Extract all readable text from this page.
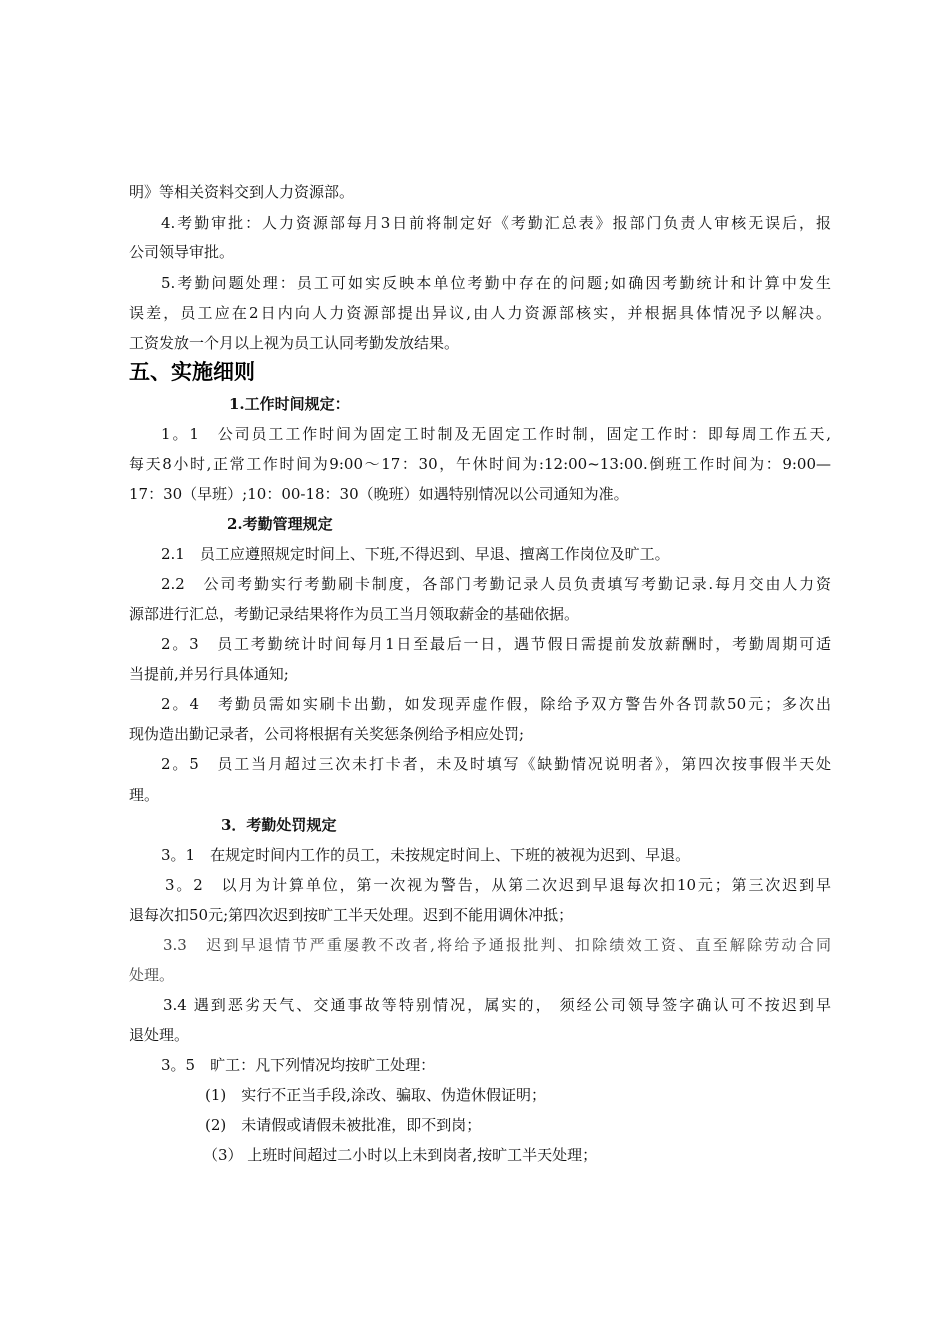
明》等相关资料交到人力资源部。
4.考勤审批：人力资源部每月3日前将制定好《考勤汇总表》报部门负责人审核无误后，报
公司领导审批。
5.考勤问题处理：员工可如实反映本单位考勤中存在的问题;如确因考勤统计和计算中发生
误差，员工应在2日内向人力资源部提出异议,由人力资源部核实，并根据具体情况予以解决。
工资发放一个月以上视为员工认同考勤发放结果。
五、实施细则
1.工作时间规定：
1。1　公司员工工作时间为固定工时制及无固定工作时制，固定工作时：即每周工作五天,
每天8小时,正常工作时间为9:00～17：30，午休时间为:12:00~13:00.倒班工作时间为：9:00—
17：30（早班）;10：00-18：30（晚班）如遇特别情况以公司通知为准。
2.考勤管理规定
2.1　员工应遵照规定时间上、下班,不得迟到、早退、擅离工作岗位及旷工。
2.2　公司考勤实行考勤刷卡制度，各部门考勤记录人员负责填写考勤记录.每月交由人力资
源部进行汇总，考勤记录结果将作为员工当月领取薪金的基础依据。
2。3　员工考勤统计时间每月1日至最后一日，遇节假日需提前发放薪酬时，考勤周期可适
当提前,并另行具体通知;
2。4　考勤员需如实刷卡出勤，如发现弄虚作假，除给予双方警告外各罚款50元；多次出
现伪造出勤记录者，公司将根据有关奖惩条例给予相应处罚;
2。5　员工当月超过三次未打卡者，未及时填写《缺勤情况说明者》，第四次按事假半天处
理。
3．考勤处罚规定
3。1　在规定时间内工作的员工，未按规定时间上、下班的被视为迟到、早退。
3。2　以月为计算单位，第一次视为警告，从第二次迟到早退每次扣10元；第三次迟到早
退每次扣50元;第四次迟到按旷工半天处理。迟到不能用调休冲抵；
3.3　迟到早退情节严重屡教不改者,将给予通报批判、扣除绩效工资、直至解除劳动合同
处理。
3.4 遇到恶劣天气、交通事故等特别情况，属实的， 须经公司领导签字确认可不按迟到早
退处理。
3。5　旷工：凡下列情况均按旷工处理：
(1)　实行不正当手段,涂改、骗取、伪造休假证明；
(2)　未请假或请假未被批准，即不到岗；
（3） 上班时间超过二小时以上未到岗者,按旷工半天处理；
